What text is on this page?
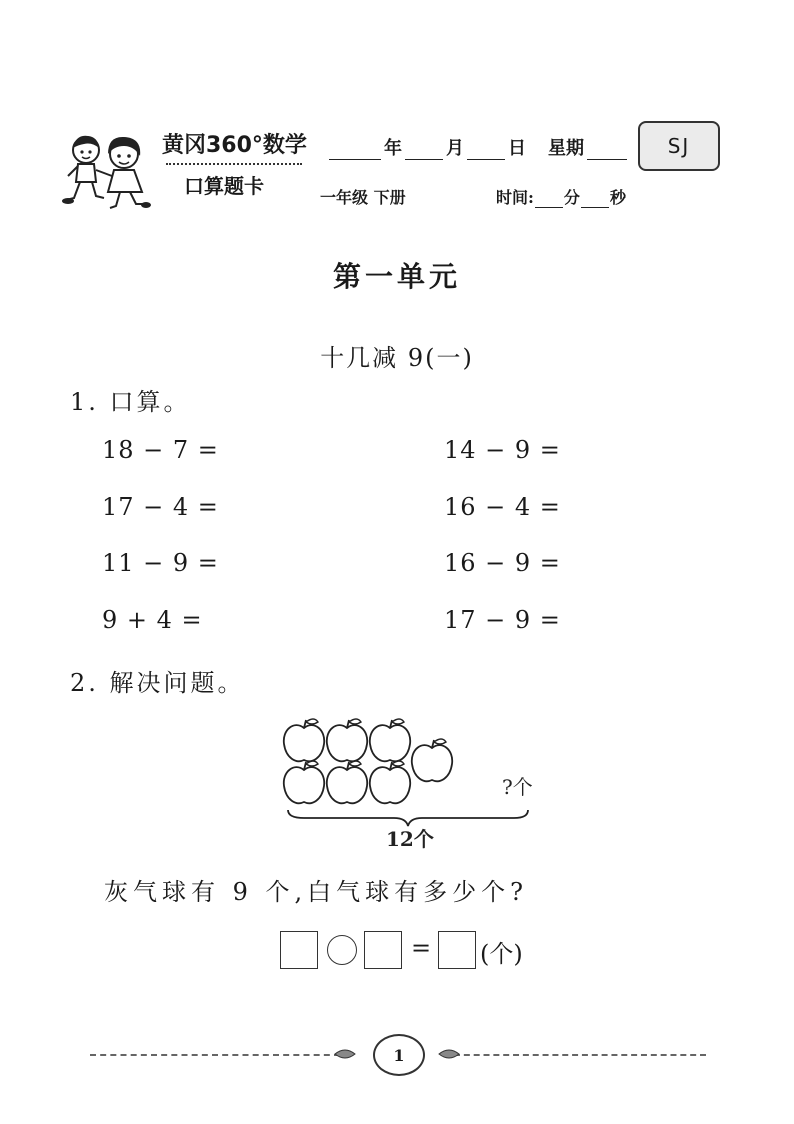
黄冈360°数学
口算题卡
年 月 日 星期	SJ
一年级 下册	时间: 分 秒
第一单元
十几减 9(一)
1. 口算。
18 − 7 =
17 − 4 =
11 − 9 =
9 + 4 =
14 − 9 =
16 − 4 =
16 − 9 =
17 − 9 =
2. 解决问题。
?个
12个
灰气球有 9 个,白气球有多少个?
= (个)
1
